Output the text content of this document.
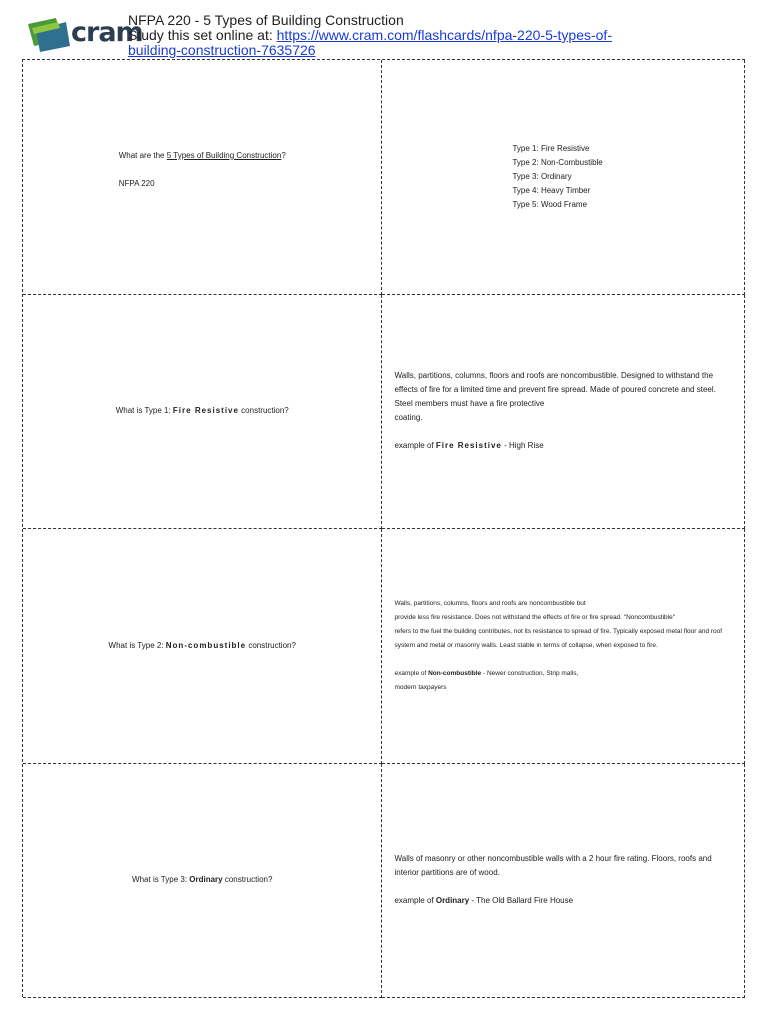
cram
NFPA 220 - 5 Types of Building Construction
Study this set online at: https://www.cram.com/flashcards/nfpa-220-5-types-of-
building-construction-7635726
What are the 5 Types of Building Construction?
NFPA 220
Type 1: Fire Resistive
Type 2: Non-Combustible
Type 3: Ordinary
Type 4: Heavy Timber
Type 5: Wood Frame
What is Type 1: Fire Resistive construction?

Walls, partitions, columns, floors and roofs are noncombustible. Designed to withstand the

effects of fire for a limited time and prevent fire spread. Made of poured concrete and steel. Steel members must have a fire protective

coating.

example of Fire Resistive - High Rise

What is Type 2: Non-combustible construction?

Walls, partitions, columns, floors and roofs are noncombustible but

provide less fire resistance. Does not withstand the effects of fire or fire spread. "Noncombustible"

refers to the fuel the building contributes, not its resistance to spread of fire. Typically exposed metal floor and roof

system and metal or masonry walls. Least stable in terms of collapse, when exposed to fire.

example of Non-combustible - Newer construction, Strip malls,

modern taxpayers

What is Type 3: Ordinary construction?

Walls of masonry or other noncombustible walls with a 2 hour fire rating. Floors, roofs and

interior partitions are of wood.

example of Ordinary - The Old Ballard Fire House
